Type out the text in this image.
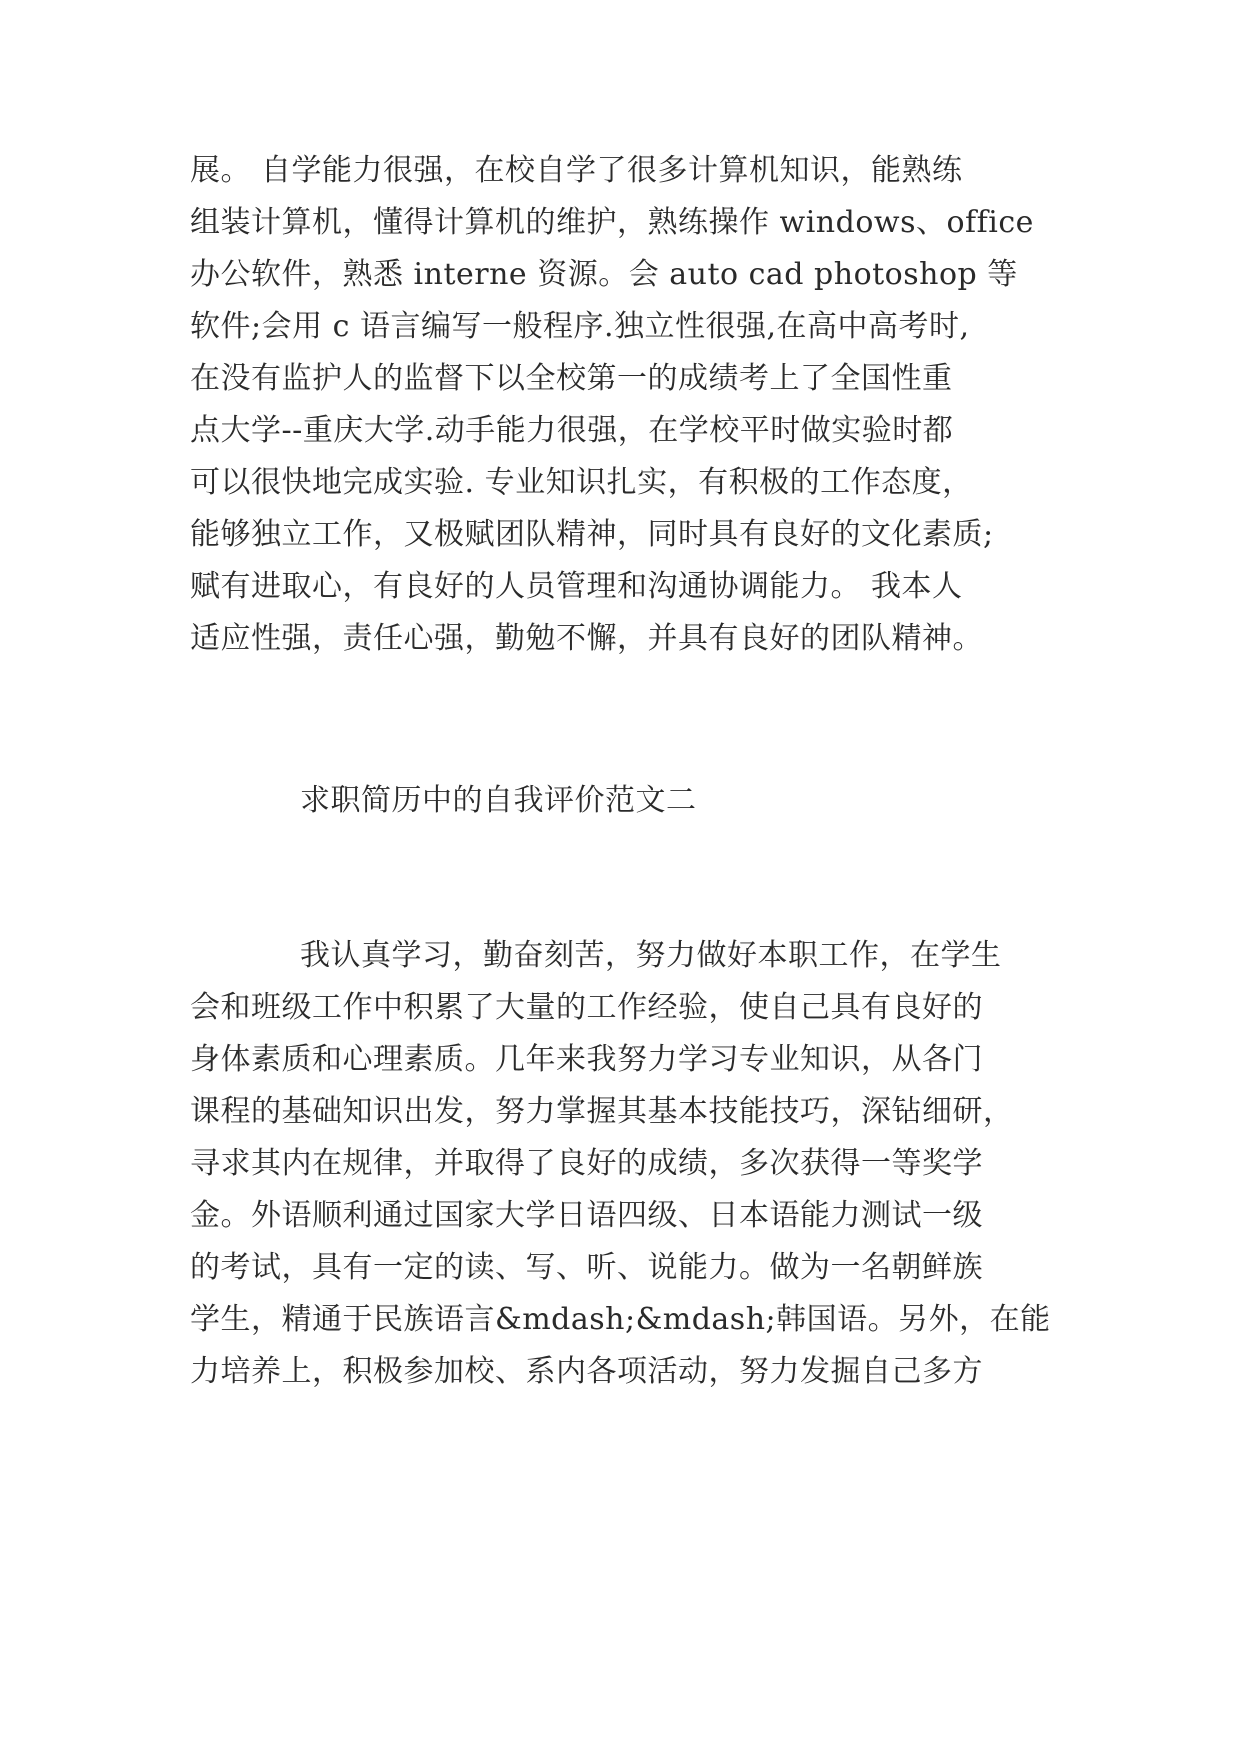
展。 自学能力很强，在校自学了很多计算机知识，能熟练
组装计算机，懂得计算机的维护，熟练操作 windows、office
办公软件，熟悉 interne 资源。会 auto cad photoshop 等
软件;会用 c 语言编写一般程序.独立性很强,在高中高考时,
在没有监护人的监督下以全校第一的成绩考上了全国性重
点大学--重庆大学.动手能力很强，在学校平时做实验时都
可以很快地完成实验. 专业知识扎实，有积极的工作态度，
能够独立工作，又极赋团队精神，同时具有良好的文化素质;
赋有进取心，有良好的人员管理和沟通协调能力。 我本人
适应性强，责任心强，勤勉不懈，并具有良好的团队精神。
求职简历中的自我评价范文二
我认真学习，勤奋刻苦，努力做好本职工作，在学生
会和班级工作中积累了大量的工作经验，使自己具有良好的
身体素质和心理素质。几年来我努力学习专业知识，从各门
课程的基础知识出发，努力掌握其基本技能技巧，深钻细研，
寻求其内在规律，并取得了良好的成绩，多次获得一等奖学
金。外语顺利通过国家大学日语四级、日本语能力测试一级
的考试，具有一定的读、写、听、说能力。做为一名朝鲜族
学生，精通于民族语言&mdash;&mdash;韩国语。另外，在能
力培养上，积极参加校、系内各项活动，努力发掘自己多方
